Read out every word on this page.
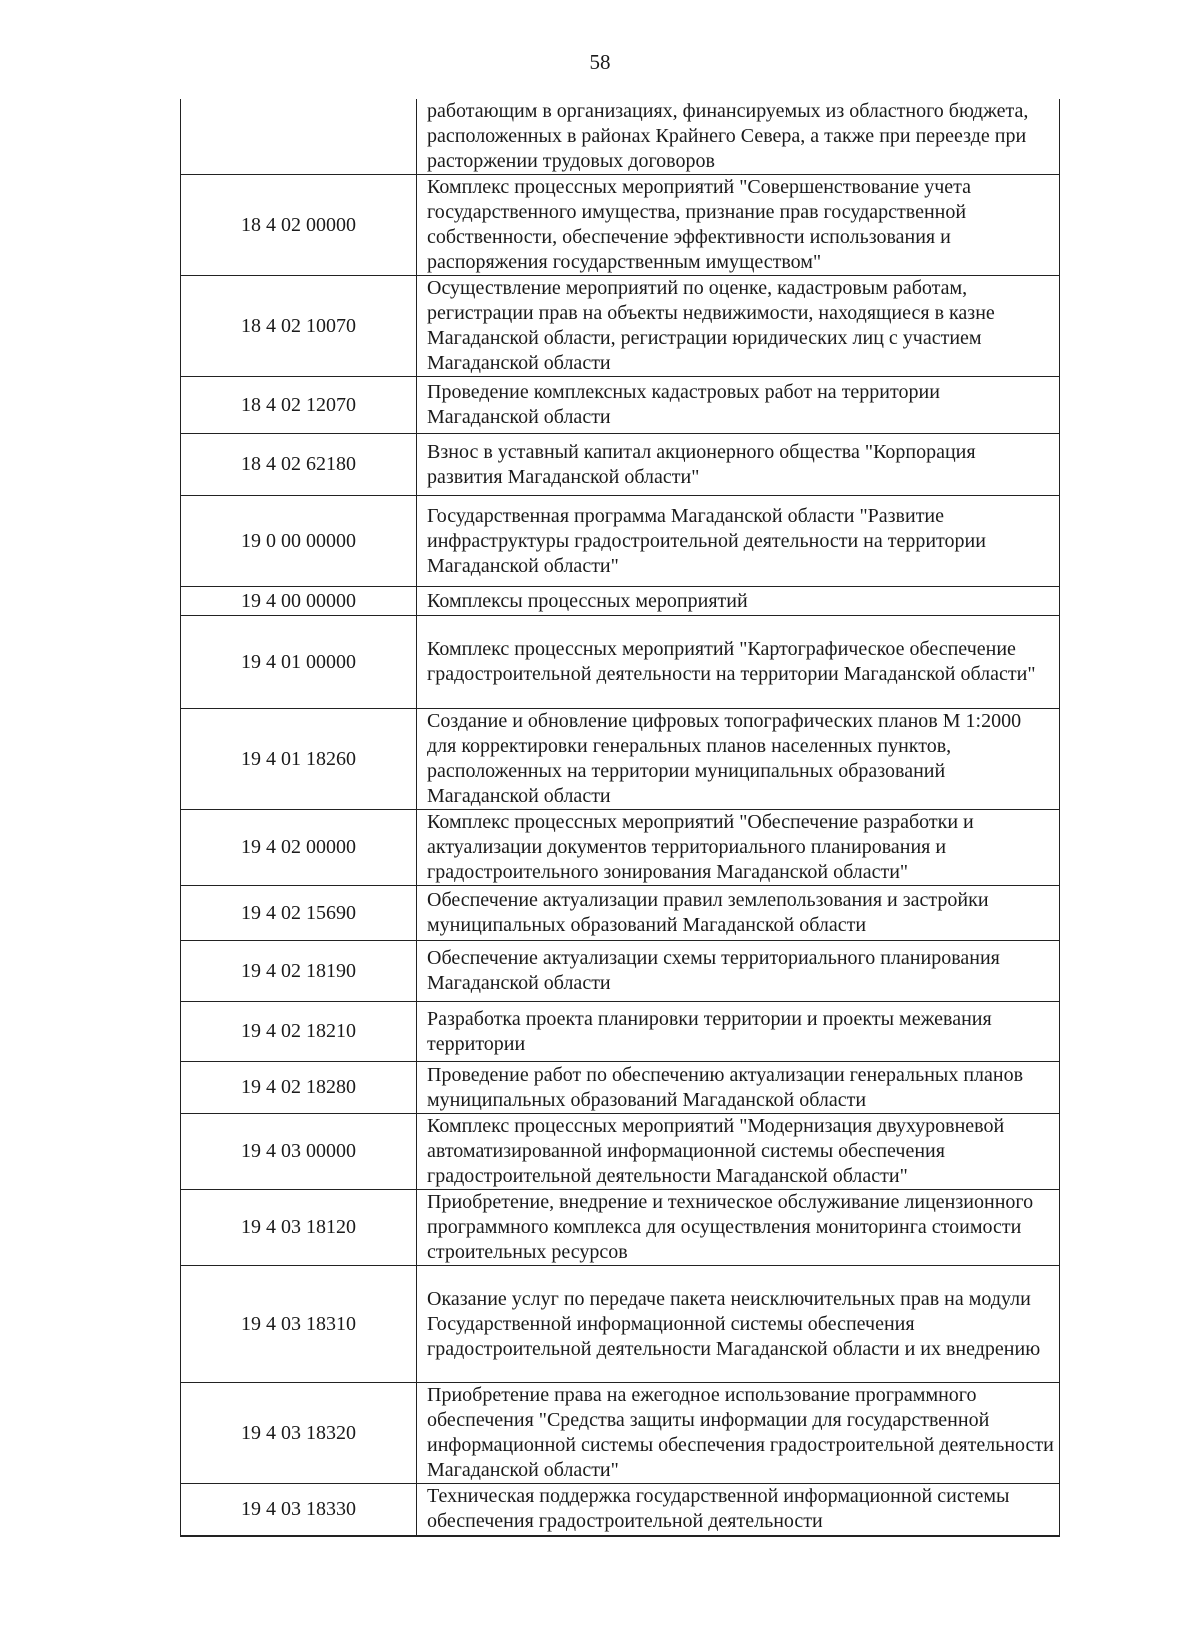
58
	работающим в организациях, финансируемых из областного бюджета, расположенных в районах Крайнего Севера, а также при переезде при расторжении трудовых договоров
18 4 02 00000	Комплекс процессных мероприятий "Совершенствование учета государственного имущества, признание прав государственной собственности, обеспечение эффективности использования и распоряжения государственным имуществом"
18 4 02 10070	Осуществление мероприятий по оценке, кадастровым работам, регистрации прав на объекты недвижимости, находящиеся в казне Магаданской области, регистрации юридических лиц с участием Магаданской области
18 4 02 12070	Проведение комплексных кадастровых работ на территории Магаданской области
18 4 02 62180	Взнос в уставный капитал акционерного общества "Корпорация развития Магаданской области"
19 0 00 00000	Государственная программа Магаданской области "Развитие инфраструктуры градостроительной деятельности на территории Магаданской области"
19 4 00 00000	Комплексы процессных мероприятий
19 4 01 00000	Комплекс процессных мероприятий "Картографическое обеспечение градостроительной деятельности на территории Магаданской области"
19 4 01 18260	Создание и обновление цифровых топографических планов М 1:2000 для корректировки генеральных планов населенных пунктов, расположенных на территории муниципальных образований Магаданской области
19 4 02 00000	Комплекс процессных мероприятий "Обеспечение разработки и актуализации документов территориального планирования и градостроительного зонирования Магаданской области"
19 4 02 15690	Обеспечение актуализации правил землепользования и застройки муниципальных образований Магаданской области
19 4 02 18190	Обеспечение актуализации схемы территориального планирования Магаданской области
19 4 02 18210	Разработка проекта планировки территории и проекты межевания территории
19 4 02 18280	Проведение работ по обеспечению актуализации генеральных планов муниципальных образований Магаданской области
19 4 03 00000	Комплекс процессных мероприятий "Модернизация двухуровневой автоматизированной информационной системы обеспечения градостроительной деятельности Магаданской области"
19 4 03 18120	Приобретение, внедрение и техническое обслуживание лицензионного программного комплекса для осуществления мониторинга стоимости строительных ресурсов
19 4 03 18310	Оказание услуг по передаче пакета неисключительных прав на модули Государственной информационной системы обеспечения градостроительной деятельности Магаданской области и их внедрению
19 4 03 18320	Приобретение права на ежегодное использование программного обеспечения "Средства защиты информации для государственной информационной системы обеспечения градостроительной деятельности Магаданской области"
19 4 03 18330	Техническая поддержка государственной информационной системы обеспечения градостроительной деятельности
